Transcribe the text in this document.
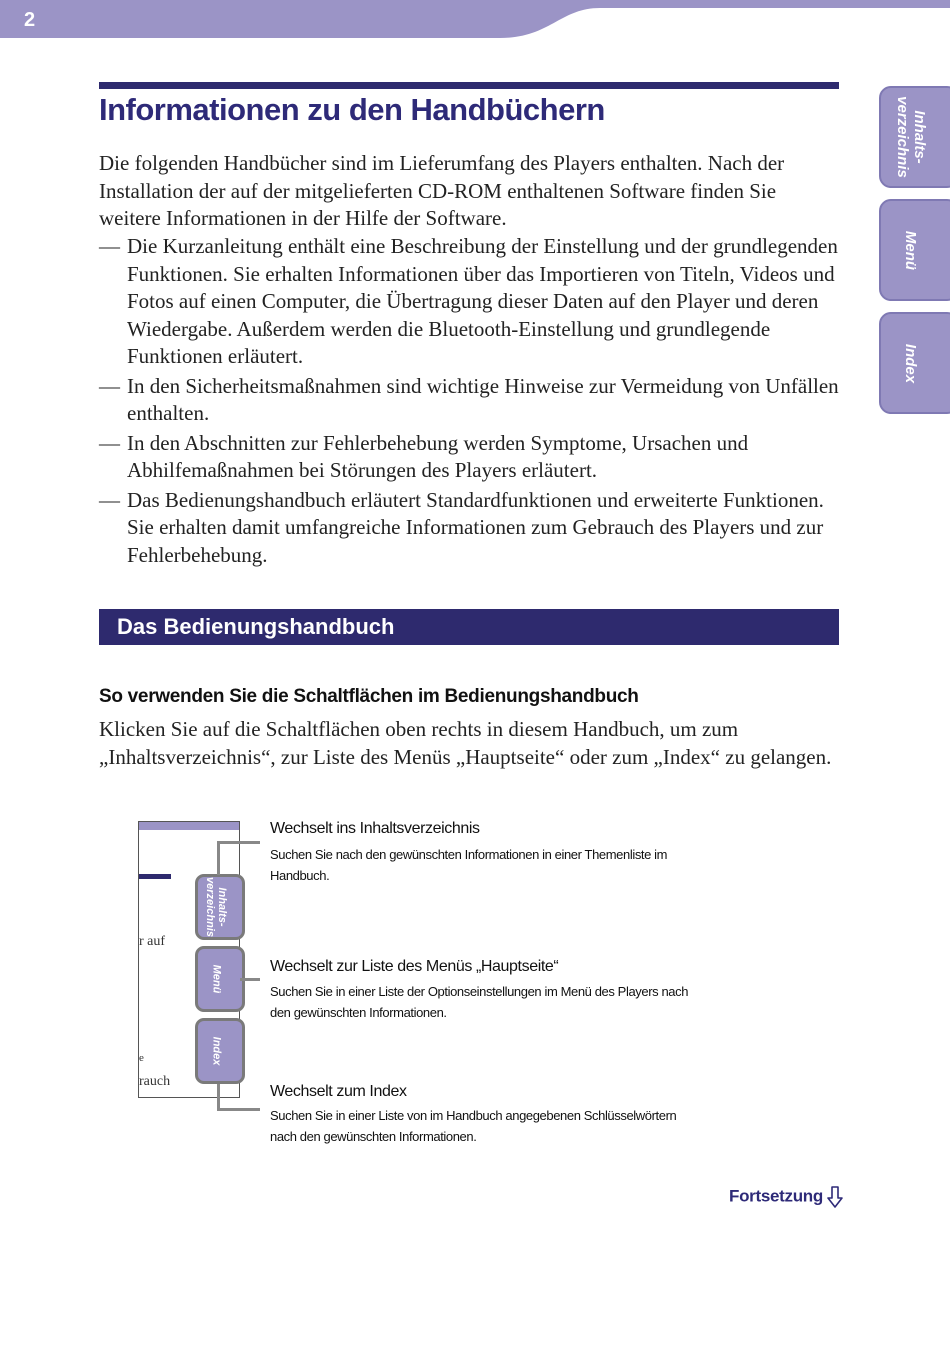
2
Inhalts-
verzeichnis
Menü
Index
Informationen zu den Handbüchern
Die folgenden Handbücher sind im Lieferumfang des Players enthalten. Nach der Installation der auf der mitgelieferten CD-ROM enthaltenen Software finden Sie weitere Informationen in der Hilfe der Software.
— Die Kurzanleitung enthält eine Beschreibung der Einstellung und der grundlegenden Funktionen. Sie erhalten Informationen über das Importieren von Titeln, Videos und Fotos auf einen Computer, die Übertragung dieser Daten auf den Player und deren Wiedergabe. Außerdem werden die Bluetooth-Einstellung und grundlegende Funktionen erläutert.
— In den Sicherheitsmaßnahmen sind wichtige Hinweise zur Vermeidung von Unfällen enthalten.
— In den Abschnitten zur Fehlerbehebung werden Symptome, Ursachen und Abhilfemaßnahmen bei Störungen des Players erläutert.
— Das Bedienungshandbuch erläutert Standardfunktionen und erweiterte Funktionen. Sie erhalten damit umfangreiche Informationen zum Gebrauch des Players und zur Fehlerbehebung.
Das Bedienungshandbuch
So verwenden Sie die Schaltflächen im Bedienungshandbuch
Klicken Sie auf die Schaltflächen oben rechts in diesem Handbuch, um zum „Inhaltsverzeichnis“, zur Liste des Menüs „Hauptseite“ oder zum „Index“ zu gelangen.
r auf
e
rauch
Inhalts-
verzeichnis
Menü
Index
Wechselt ins Inhaltsverzeichnis
Suchen Sie nach den gewünschten Informationen in einer Themenliste im Handbuch.
Wechselt zur Liste des Menüs „Hauptseite“
Suchen Sie in einer Liste der Optionseinstellungen im Menü des Players nach den gewünschten Informationen.
Wechselt zum Index
Suchen Sie in einer Liste von im Handbuch angegebenen Schlüsselwörtern nach den gewünschten Informationen.
Fortsetzung
